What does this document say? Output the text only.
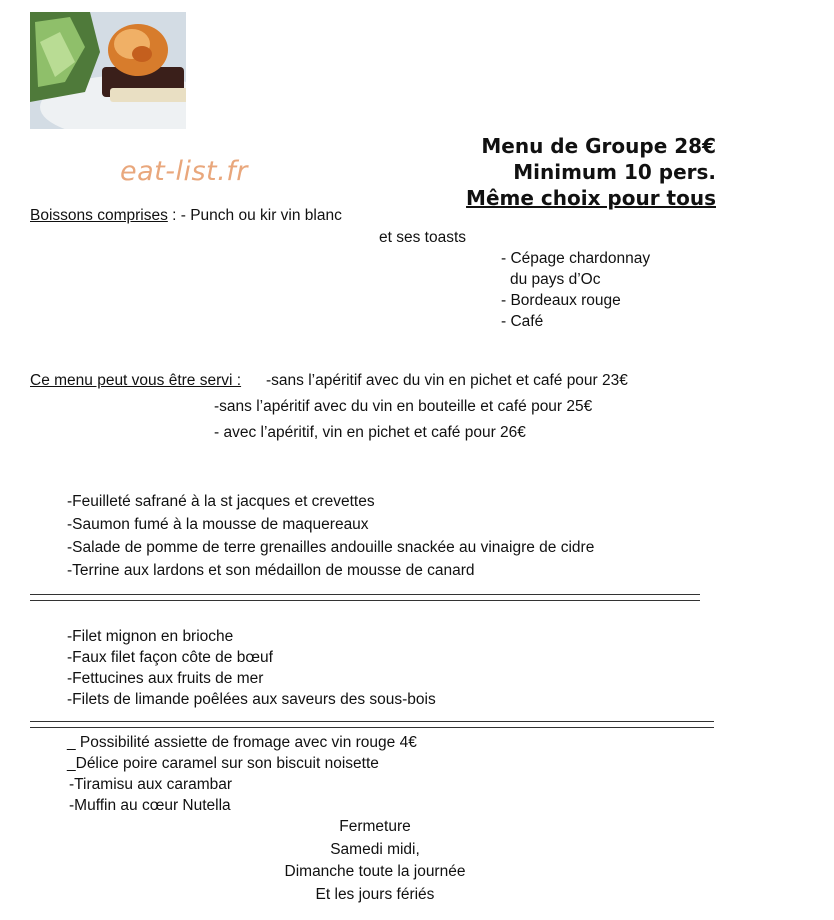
eat-list.fr
Menu de Groupe 28€
Minimum 10 pers.
Même choix pour tous
Boissons comprises : - Punch ou kir vin blanc
et ses toasts
- Cépage chardonnay
du pays d’Oc
- Bordeaux rouge
- Café
Ce menu peut vous être servi : -sans l’apéritif avec du vin en pichet et café pour 23€
-sans l’apéritif avec du vin en bouteille et café pour 25€
- avec l’apéritif, vin en pichet et café pour 26€
-Feuilleté safrané à la st jacques et crevettes
-Saumon fumé à la mousse de maquereaux
-Salade de pomme de terre grenailles andouille snackée au vinaigre de cidre
-Terrine aux lardons et son médaillon de mousse de canard
-Filet mignon en brioche
-Faux filet façon côte de bœuf
-Fettucines aux fruits de mer
-Filets de limande poêlées aux saveurs des sous-bois
_ Possibilité assiette de fromage avec vin rouge 4€
_Délice poire caramel sur son biscuit noisette
-Tiramisu aux carambar
-Muffin au cœur Nutella
Fermeture
Samedi midi,
Dimanche toute la journée
Et les jours fériés
